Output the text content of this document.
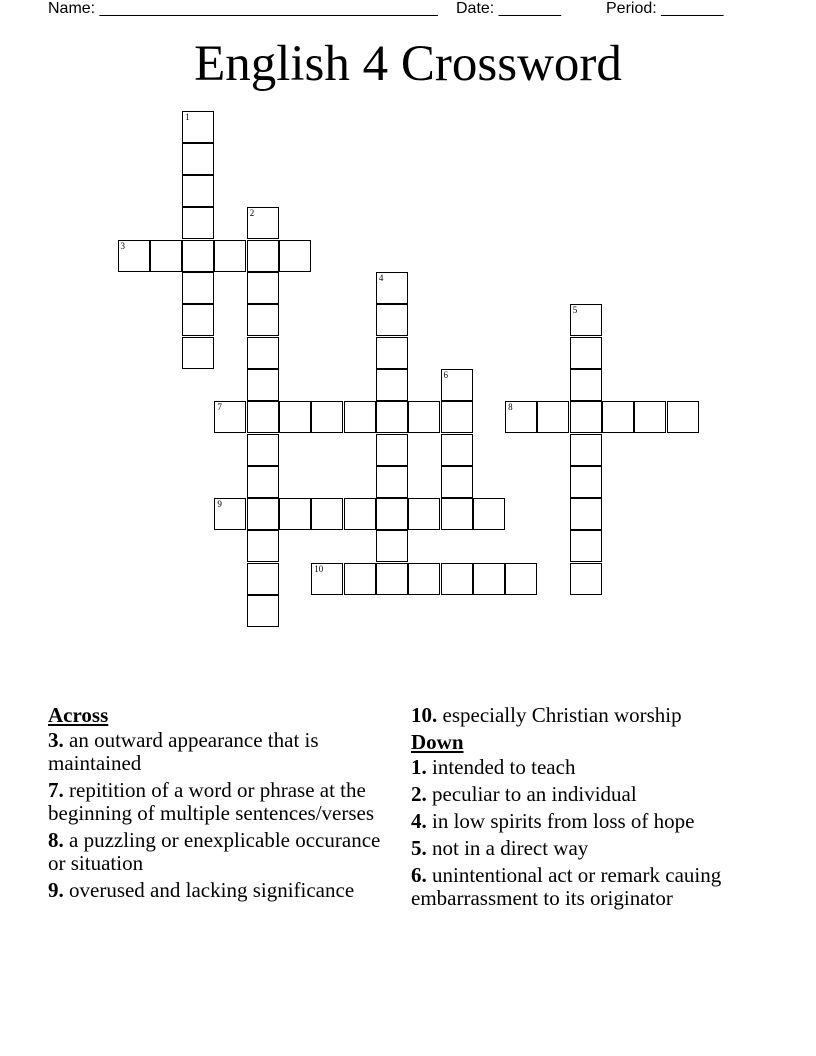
Name: ______________________________________ Date: _______	Period: _______
English 4 Crossword
1
2
3
4
5
6
7	8
9
10
Across
3. an outward appearance that is maintained
7. repitition of a word or phrase at the beginning of multiple sentences/verses
8. a puzzling or enexplicable occurance or situation
9. overused and lacking significance
10. especially Christian worship
Down
1. intended to teach
2. peculiar to an individual
4. in low spirits from loss of hope
5. not in a direct way
6. unintentional act or remark cauing embarrassment to its originator
